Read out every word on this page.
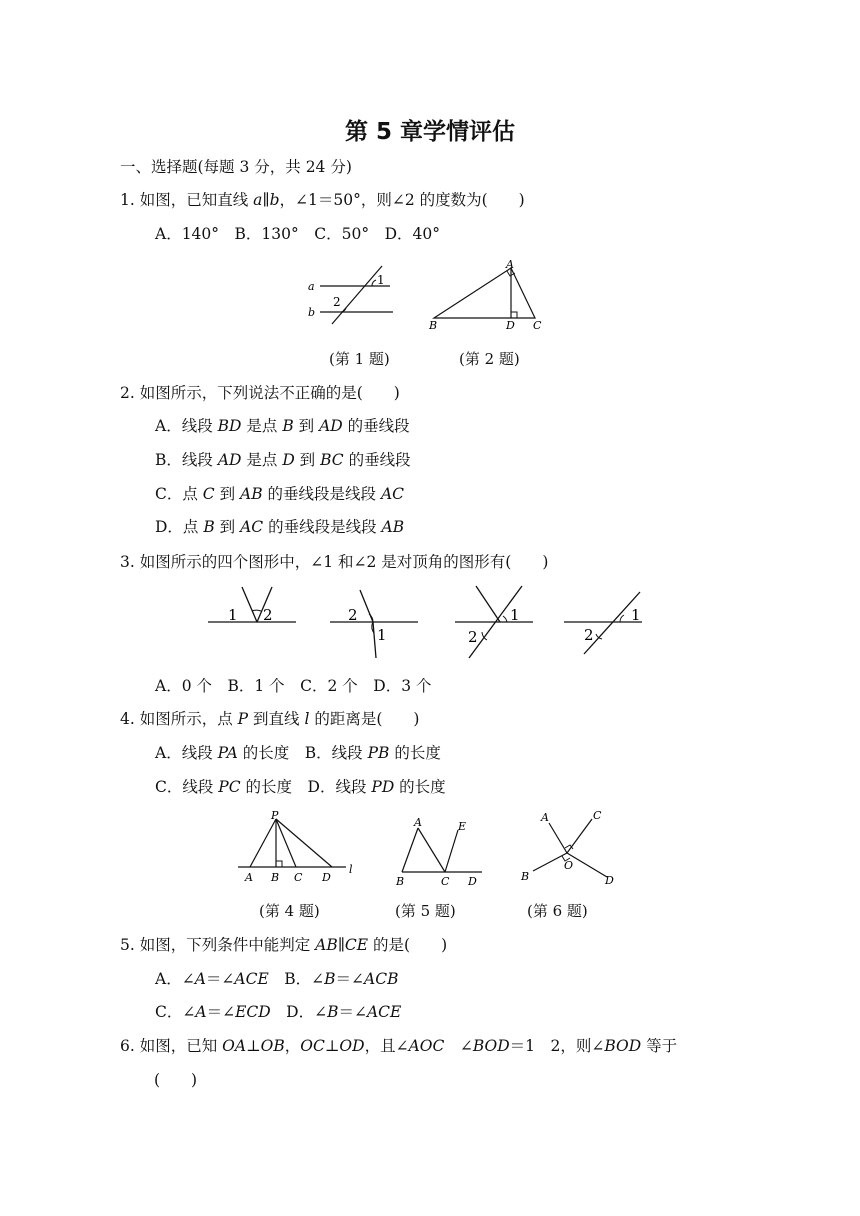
第 5 章学情评估
一、选择题(每题 3 分，共 24 分)
1. 如图，已知直线 a∥b，∠1＝50°，则∠2 的度数为(　　)
A．140°　B．130°　C．50°　D．40°
a
b
1
2
A
B	D C
(第 1 题)	(第 2 题)
2. 如图所示，下列说法不正确的是(　　)
A．线段 BD 是点 B 到 AD 的垂线段
B．线段 AD 是点 D 到 BC 的垂线段
C．点 C 到 AB 的垂线段是线段 AC
D．点 B 到 AC 的垂线段是线段 AB
3. 如图所示的四个图形中，∠1 和∠2 是对顶角的图形有(　　)
1 2	2
1
1
2
1
2
A．0 个　B．1 个　C．2 个　D．3 个
4. 如图所示，点 P 到直线 l 的距离是(　　)
A．线段 PA 的长度　B．线段 PB 的长度
C．线段 PC 的长度　D．线段 PD 的长度
P
A B C D
l
A	E
B	C D
A	C
B
O
D
(第 4 题)	(第 5 题)	(第 6 题)
5. 如图，下列条件中能判定 AB∥CE 的是(　　)
A．∠A＝∠ACE　B．∠B＝∠ACB
C．∠A＝∠ECD　D．∠B＝∠ACE
6. 如图，已知 OA⊥OB，OC⊥OD，且∠AOC　∠BOD＝1　2，则∠BOD 等于
(　　)
